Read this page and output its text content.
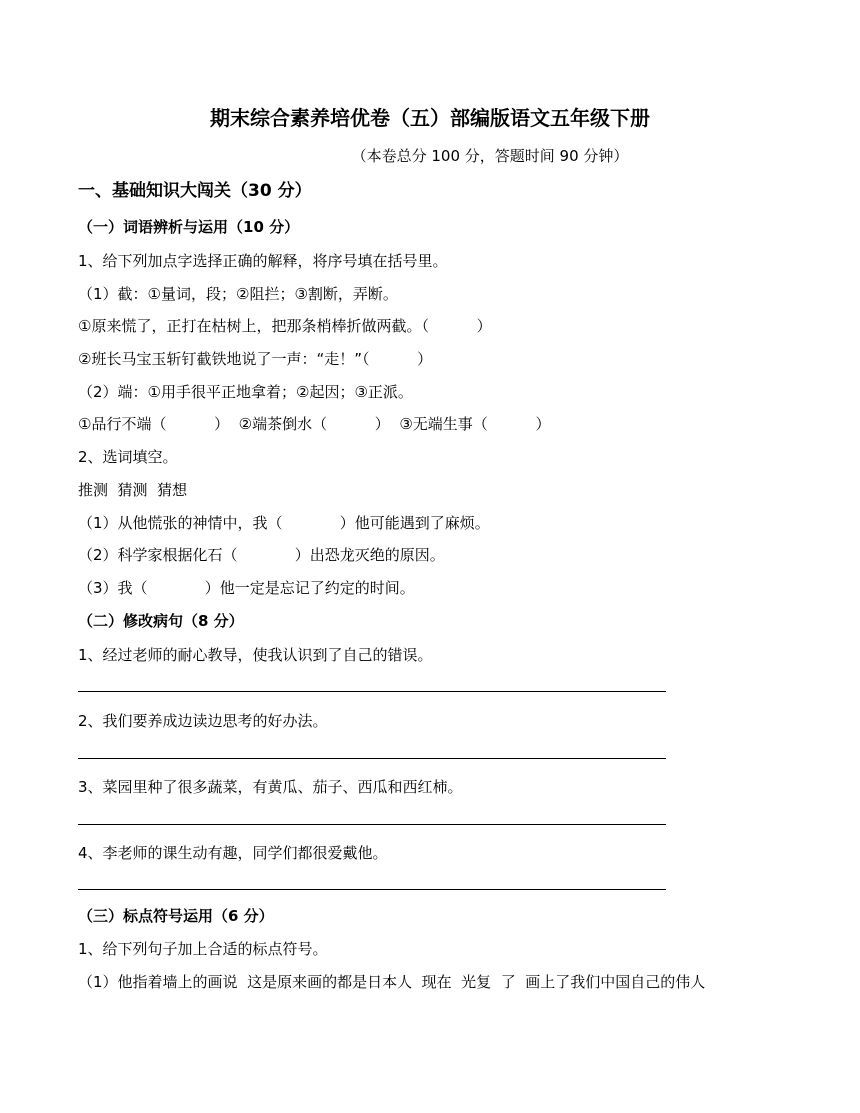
期末综合素养培优卷（五）部编版语文五年级下册
（本卷总分 100 分，答题时间 90 分钟）
一、基础知识大闯关（30 分）
（一）词语辨析与运用（10 分）
1、给下列加点字选择正确的解释，将序号填在括号里。
（1）截：①量词，段；②阻拦；③割断，弄断。
①原来慌了，正打在枯树上，把那条梢棒折做两截。（          ）
②班长马宝玉斩钉截铁地说了一声：“走！”（          ）
（2）端：①用手很平正地拿着；②起因；③正派。
①品行不端（          ）  ②端茶倒水（          ）  ③无端生事（          ）
2、选词填空。
推测  猜测  猜想
（1）从他慌张的神情中，我（            ）他可能遇到了麻烦。
（2）科学家根据化石（            ）出恐龙灭绝的原因。
（3）我（            ）他一定是忘记了约定的时间。
（二）修改病句（8 分）
1、经过老师的耐心教导，使我认识到了自己的错误。
2、我们要养成边读边思考的好办法。
3、菜园里种了很多蔬菜，有黄瓜、茄子、西瓜和西红柿。
4、李老师的课生动有趣，同学们都很爱戴他。
（三）标点符号运用（6 分）
1、给下列句子加上合适的标点符号。
（1）他指着墙上的画说  这是原来画的都是日本人  现在  光复  了  画上了我们中国自己的伟人
